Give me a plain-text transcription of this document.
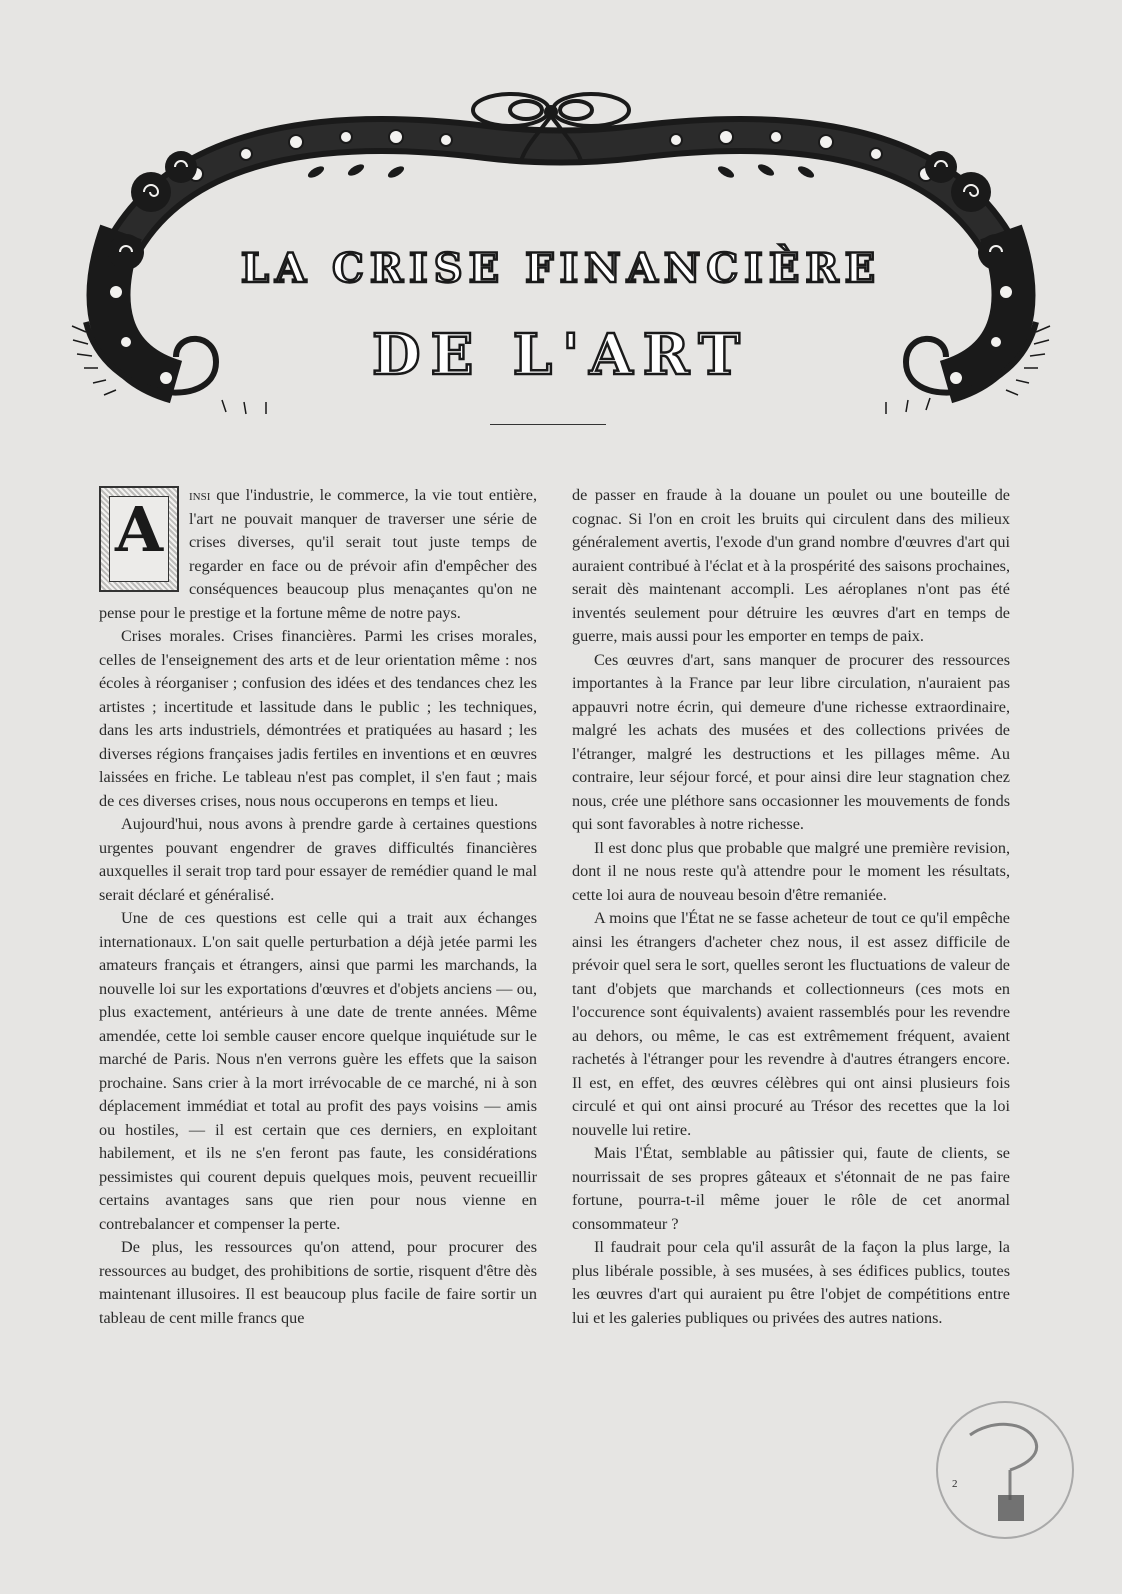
LA CRISE FINANCIÈRE
DE L'ART
A	insi que l'industrie, le commerce, la vie tout entière, l'art ne pouvait manquer de traverser une série de crises diverses, qu'il serait tout juste temps de regarder en face ou de prévoir afin d'empêcher des conséquences beaucoup plus menaçantes qu'on ne pense pour le prestige et la fortune même de notre pays.

Crises morales. Crises financières. Parmi les crises morales, celles de l'enseignement des arts et de leur orientation même : nos écoles à réorganiser ; confusion des idées et des tendances chez les artistes ; incertitude et lassitude dans le public ; les techniques, dans les arts industriels, démontrées et pratiquées au hasard ; les diverses régions françaises jadis fertiles en inventions et en œuvres laissées en friche. Le tableau n'est pas complet, il s'en faut ; mais de ces diverses crises, nous nous occuperons en temps et lieu.

Aujourd'hui, nous avons à prendre garde à certaines questions urgentes pouvant engendrer de graves difficultés financières auxquelles il serait trop tard pour essayer de remédier quand le mal serait déclaré et généralisé.

Une de ces questions est celle qui a trait aux échanges internationaux. L'on sait quelle perturbation a déjà jetée parmi les amateurs français et étrangers, ainsi que parmi les marchands, la nouvelle loi sur les exportations d'œuvres et d'objets anciens — ou, plus exactement, antérieurs à une date de trente années. Même amendée, cette loi semble causer encore quelque inquiétude sur le marché de Paris. Nous n'en verrons guère les effets que la saison prochaine. Sans crier à la mort irrévocable de ce marché, ni à son déplacement immédiat et total au profit des pays voisins — amis ou hostiles, — il est certain que ces derniers, en exploitant habilement, et ils ne s'en feront pas faute, les considérations pessimistes qui courent depuis quelques mois, peuvent recueillir certains avantages sans que rien pour nous vienne en contrebalancer et compenser la perte.

De plus, les ressources qu'on attend, pour procurer des ressources au budget, des prohibitions de sortie, risquent d'être dès maintenant illusoires. Il est beaucoup plus facile de faire sortir un tableau de cent mille francs que

de passer en fraude à la douane un poulet ou une bouteille de cognac. Si l'on en croit les bruits qui circulent dans des milieux généralement avertis, l'exode d'un grand nombre d'œuvres d'art qui auraient contribué à l'éclat et à la prospérité des saisons prochaines, serait dès maintenant accompli. Les aéroplanes n'ont pas été inventés seulement pour détruire les œuvres d'art en temps de guerre, mais aussi pour les emporter en temps de paix.

Ces œuvres d'art, sans manquer de procurer des ressources importantes à la France par leur libre circulation, n'auraient pas appauvri notre écrin, qui demeure d'une richesse extraordinaire, malgré les achats des musées et des collections privées de l'étranger, malgré les destructions et les pillages même. Au contraire, leur séjour forcé, et pour ainsi dire leur stagnation chez nous, crée une pléthore sans occasionner les mouvements de fonds qui sont favorables à notre richesse.

Il est donc plus que probable que malgré une première revision, dont il ne nous reste qu'à attendre pour le moment les résultats, cette loi aura de nouveau besoin d'être remaniée.

A moins que l'État ne se fasse acheteur de tout ce qu'il empêche ainsi les étrangers d'acheter chez nous, il est assez difficile de prévoir quel sera le sort, quelles seront les fluctuations de valeur de tant d'objets que marchands et collectionneurs (ces mots en l'occurence sont équivalents) avaient rassemblés pour les revendre au dehors, ou même, le cas est extrêmement fréquent, avaient rachetés à l'étranger pour les revendre à d'autres étrangers encore. Il est, en effet, des œuvres célèbres qui ont ainsi plusieurs fois circulé et qui ont ainsi procuré au Trésor des recettes que la loi nouvelle lui retire.

Mais l'État, semblable au pâtissier qui, faute de clients, se nourrissait de ses propres gâteaux et s'étonnait de ne pas faire fortune, pourra-t-il même jouer le rôle de cet anormal consommateur ?

Il faudrait pour cela qu'il assurât de la façon la plus large, la plus libérale possible, à ses musées, à ses édifices publics, toutes les œuvres d'art qui auraient pu être l'objet de compétitions entre lui et les galeries publiques ou privées des autres nations.

2
